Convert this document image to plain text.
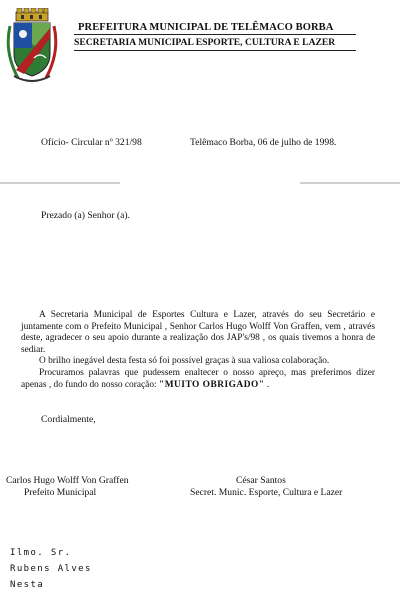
PREFEITURA MUNICIPAL DE TELÊMACO BORBA
SECRETARIA MUNICIPAL ESPORTE, CULTURA E LAZER
Ofício- Circular nº 321/98	Telêmaco Borba, 06 de julho de 1998.
Prezado (a) Senhor (a).
A Secretaria Municipal de Esportes Cultura e Lazer, através do seu Secretário e juntamente com o Prefeito Municipal , Senhor Carlos Hugo Wolff Von Graffen, vem , através deste, agradecer o seu apoio durante a realização dos JAP's/98 , os quais tivemos a honra de sediar.
O brilho inegável desta festa só foi possível graças à sua valiosa colaboração.
Procuramos palavras que pudessem enaltecer o nosso apreço, mas preferimos dizer apenas , do fundo do nosso coração: "MUITO OBRIGADO" .
Cordialmente,
Carlos Hugo Wolff Von Graffen
Prefeito Municipal
César Santos
Secret. Munic. Esporte, Cultura e Lazer
Ilmo. Sr.
Rubens Alves
Nesta
